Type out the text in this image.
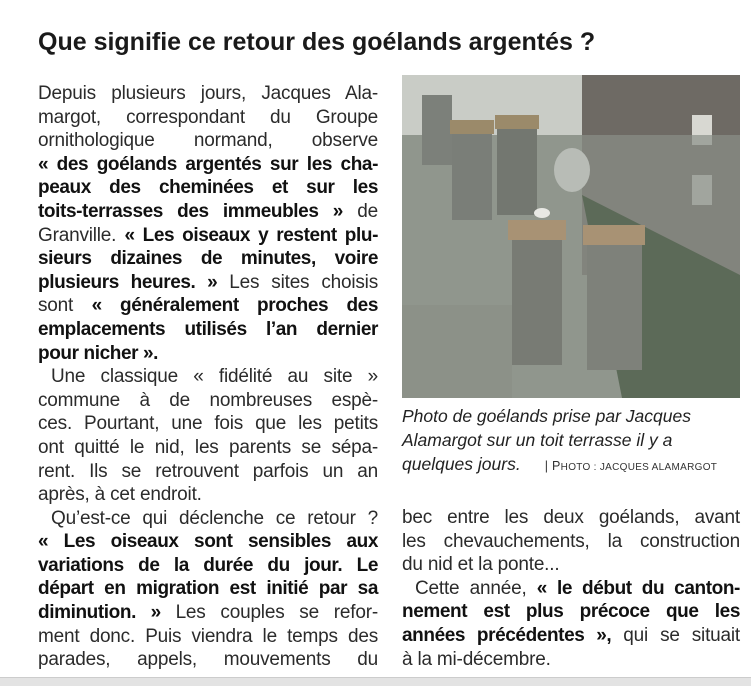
Que signifie ce retour des goélands argentés ?
Depuis plusieurs jours, Jacques Ala-
margot, correspondant du Groupe
ornithologique normand, observe
« des goélands argentés sur les cha-
peaux des cheminées et sur les
toits-terrasses des immeubles » de
Granville. « Les oiseaux y restent plu-
sieurs dizaines de minutes, voire
plusieurs heures. » Les sites choisis
sont « généralement proches des
emplacements utilisés l’an dernier
pour nicher ».
Une classique « fidélité au site »
commune à de nombreuses espè-
ces. Pourtant, une fois que les petits
ont quitté le nid, les parents se sépa-
rent. Ils se retrouvent parfois un an
après, à cet endroit.
Qu’est-ce qui déclenche ce retour ?
« Les oiseaux sont sensibles aux
variations de la durée du jour. Le
départ en migration est initié par sa
diminution. » Les couples se refor-
ment donc. Puis viendra le temps des
parades, appels, mouvements du
Photo de goélands prise par Jacques
Alamargot sur un toit terrasse il y a
quelques jours. | PHOTO : JACQUES ALAMARGOT
bec entre les deux goélands, avant
les chevauchements, la construction
du nid et la ponte...
Cette année, « le début du canton-
nement est plus précoce que les
années précédentes », qui se situait
à la mi-décembre.
